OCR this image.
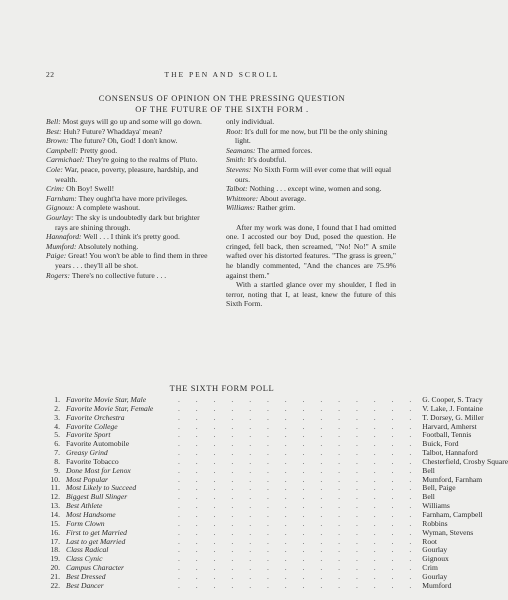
22	THE PEN AND SCROLL
CONSENSUS OF OPINION ON THE PRESSING QUESTION
OF THE FUTURE OF THE SIXTH FORM .

Bell: Most guys will go up and some will go down.

Best: Huh? Future? Whaddaya' mean?

Brown: The future? Oh, God! I don't know.

Campbell: Pretty good.

Carmichael: They're going to the realms of Pluto.

Cole: War, peace, poverty, pleasure, hardship, and wealth.

Crim: Oh Boy! Swell!

Farnham: They ought'ta have more privileges.

Gignoux: A complete washout.

Gourlay: The sky is undoubtedly dark but brighter rays are shining through.

Hannaford: Well . . . I think it's pretty good.

Mumford: Absolutely nothing.

Paige: Great! You won't be able to find them in three years . . . they'll all be shot.

Rogers: There's no collective future . . .

only individual.

Root: It's dull for me now, but I'll be the only shining light.

Seamans: The armed forces.

Smith: It's doubtful.

Stevens: No Sixth Form will ever come that will equal ours.

Talbot: Nothing . . . except wine, women and song.

Whitmore: About average.

Williams: Rather grim.

After my work was done, I found that I had omitted one. I accosted our boy Dud, posed the question. He cringed, fell back, then screamed, "No! No!" A smile wafted over his distorted features. "The grass is green," he blandly commented, "And the chances are 75.9% against them."

With a startled glance over my shoulder, I fled in terror, noting that I, at least, knew the future of this Sixth Form.

THE SIXTH FORM POLL
1. Favorite Movie Star, Male	. . . . . . . . . . . . . . G. Cooper, S. Tracy
2. Favorite Movie Star, Female	. . . . . . . . . . . . . . V. Lake, J. Fontaine
3. Favorite Orchestra	. . . . . . . . . . . . . . T. Dorsey, G. Miller
4. Favorite College	. . . . . . . . . . . . . . Harvard, Amherst
5. Favorite Sport	. . . . . . . . . . . . . . Football, Tennis
6. Favorite Automobile	. . . . . . . . . . . . . . Buick, Ford
7. Greasy Grind	. . . . . . . . . . . . . . Talbot, Hannaford
8. Favorite Tobacco	. . . . . . . . . . . . . . Chesterfield, Crosby Square
9. Done Most for Lenox	. . . . . . . . . . . . . . Bell
10. Most Popular	. . . . . . . . . . . . . . Mumford, Farnham
11. Most Likely to Succeed	. . . . . . . . . . . . . . Bell, Paige
12. Biggest Bull Slinger	. . . . . . . . . . . . . . Bell
13. Best Athlete	. . . . . . . . . . . . . . Williams
14. Most Handsome	. . . . . . . . . . . . . . Farnham, Campbell
15. Form Clown	. . . . . . . . . . . . . . Robbins
16. First to get Married	. . . . . . . . . . . . . . Wyman, Stevens
17. Last to get Married	. . . . . . . . . . . . . . Root
18. Class Radical	. . . . . . . . . . . . . . Gourlay
19. Class Cynic	. . . . . . . . . . . . . . Gignoux
20. Campus Character	. . . . . . . . . . . . . . Crim
21. Best Dressed	. . . . . . . . . . . . . . Gourlay
22. Best Dancer	. . . . . . . . . . . . . . Mumford
